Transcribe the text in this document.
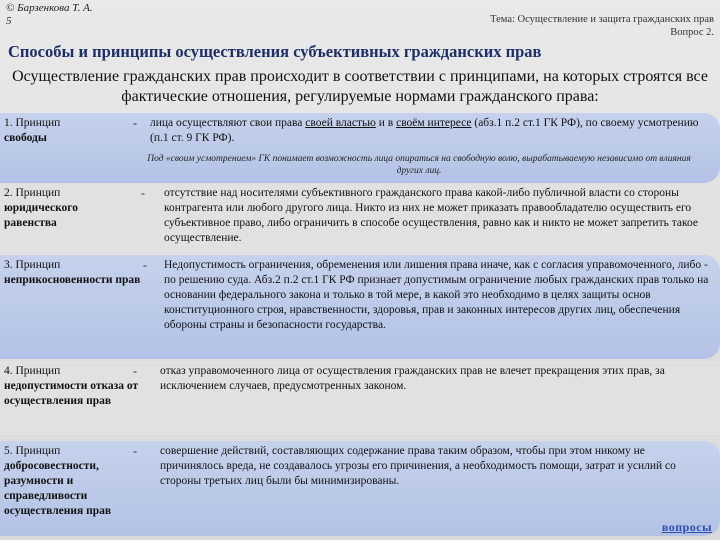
© Барзенкова Т. А.
5	Тема: Осуществление и защита гражданских прав
Вопрос 2.
Способы и принципы осуществления субъективных гражданских прав
Осуществление гражданских прав происходит в соответствии с принципами, на которых строятся все фактические отношения, регулируемые нормами гражданского права:
1. Принцип
свободы
- лица осуществляют свои права своей властью и в своём интересе (абз.1 п.2 ст.1 ГК РФ), по своему усмотрению (п.1 ст. 9 ГК РФ).
Под «своим усмотрением» ГК понимает возможность лица опираться на свободную волю, вырабатываемую независимо от влияния других лиц.
2. Принцип
юридического равенства
- отсутствие над носителями субъективного гражданского права какой-либо публичной власти со стороны контрагента или любого другого лица. Никто из них не может приказать правообладателю осуществить его субъективное право, либо ограничить в способе осуществления, равно как и никто не может запретить такое осуществление.
3. Принцип
неприкосновенности прав
- Недопустимость ограничения, обременения или лишения права иначе, как с согласия управомоченного, либо - по решению суда. Абз.2 п.2 ст.1 ГК РФ признает допустимым ограничение любых гражданских прав только на основании федерального закона и только в той мере, в какой это необходимо в целях защиты основ конституционного строя, нравственности, здоровья, прав и законных интересов других лиц, обеспечения обороны страны и безопасности государства.
4. Принцип
недопустимости отказа от осуществления прав
- отказ управомоченного лица от осуществления гражданских прав не влечет прекращения этих прав, за исключением случаев, предусмотренных законом.
5. Принцип
добросовестности, разумности и справедливости осуществления прав
- совершение действий, составляющих содержание права таким образом, чтобы при этом никому не причинялось вреда, не создавалось угрозы его причинения, а необходимость помощи, затрат и усилий со стороны третьих лиц были бы минимизированы.
вопросы
